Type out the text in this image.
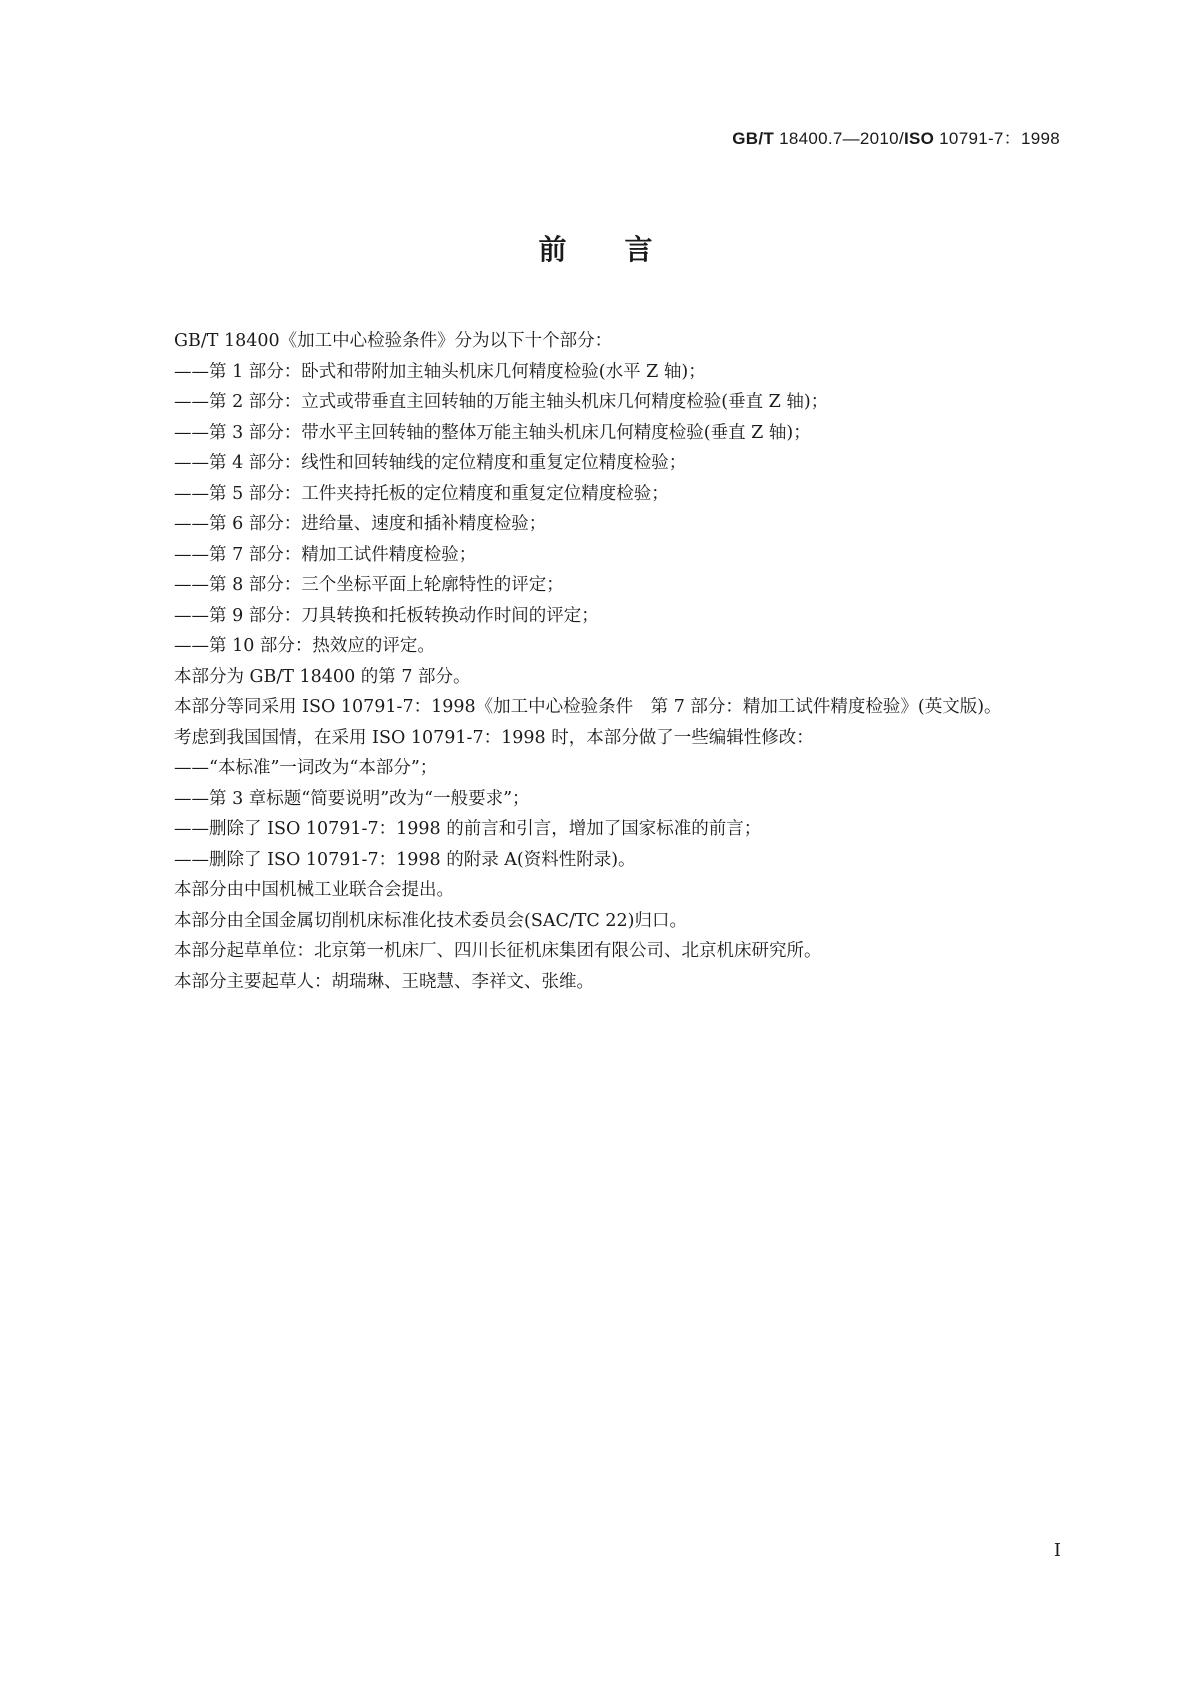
GB/T 18400.7—2010/ISO 10791-7：1998
前言

GB/T 18400《加工中心检验条件》分为以下十个部分：

——第 1 部分：卧式和带附加主轴头机床几何精度检验(水平 Z 轴)；

——第 2 部分：立式或带垂直主回转轴的万能主轴头机床几何精度检验(垂直 Z 轴)；

——第 3 部分：带水平主回转轴的整体万能主轴头机床几何精度检验(垂直 Z 轴)；

——第 4 部分：线性和回转轴线的定位精度和重复定位精度检验；

——第 5 部分：工件夹持托板的定位精度和重复定位精度检验；

——第 6 部分：进给量、速度和插补精度检验；

——第 7 部分：精加工试件精度检验；

——第 8 部分：三个坐标平面上轮廓特性的评定；

——第 9 部分：刀具转换和托板转换动作时间的评定；

——第 10 部分：热效应的评定。

本部分为 GB/T 18400 的第 7 部分。

本部分等同采用 ISO 10791-7：1998《加工中心检验条件　第 7 部分：精加工试件精度检验》(英文版)。

考虑到我国国情，在采用 ISO 10791-7：1998 时，本部分做了一些编辑性修改：

——“本标准”一词改为“本部分”；

——第 3 章标题“简要说明”改为“一般要求”；

——删除了 ISO 10791-7：1998 的前言和引言，增加了国家标准的前言；

——删除了 ISO 10791-7：1998 的附录 A(资料性附录)。

本部分由中国机械工业联合会提出。

本部分由全国金属切削机床标准化技术委员会(SAC/TC 22)归口。

本部分起草单位：北京第一机床厂、四川长征机床集团有限公司、北京机床研究所。

本部分主要起草人：胡瑞琳、王晓慧、李祥文、张维。

I
